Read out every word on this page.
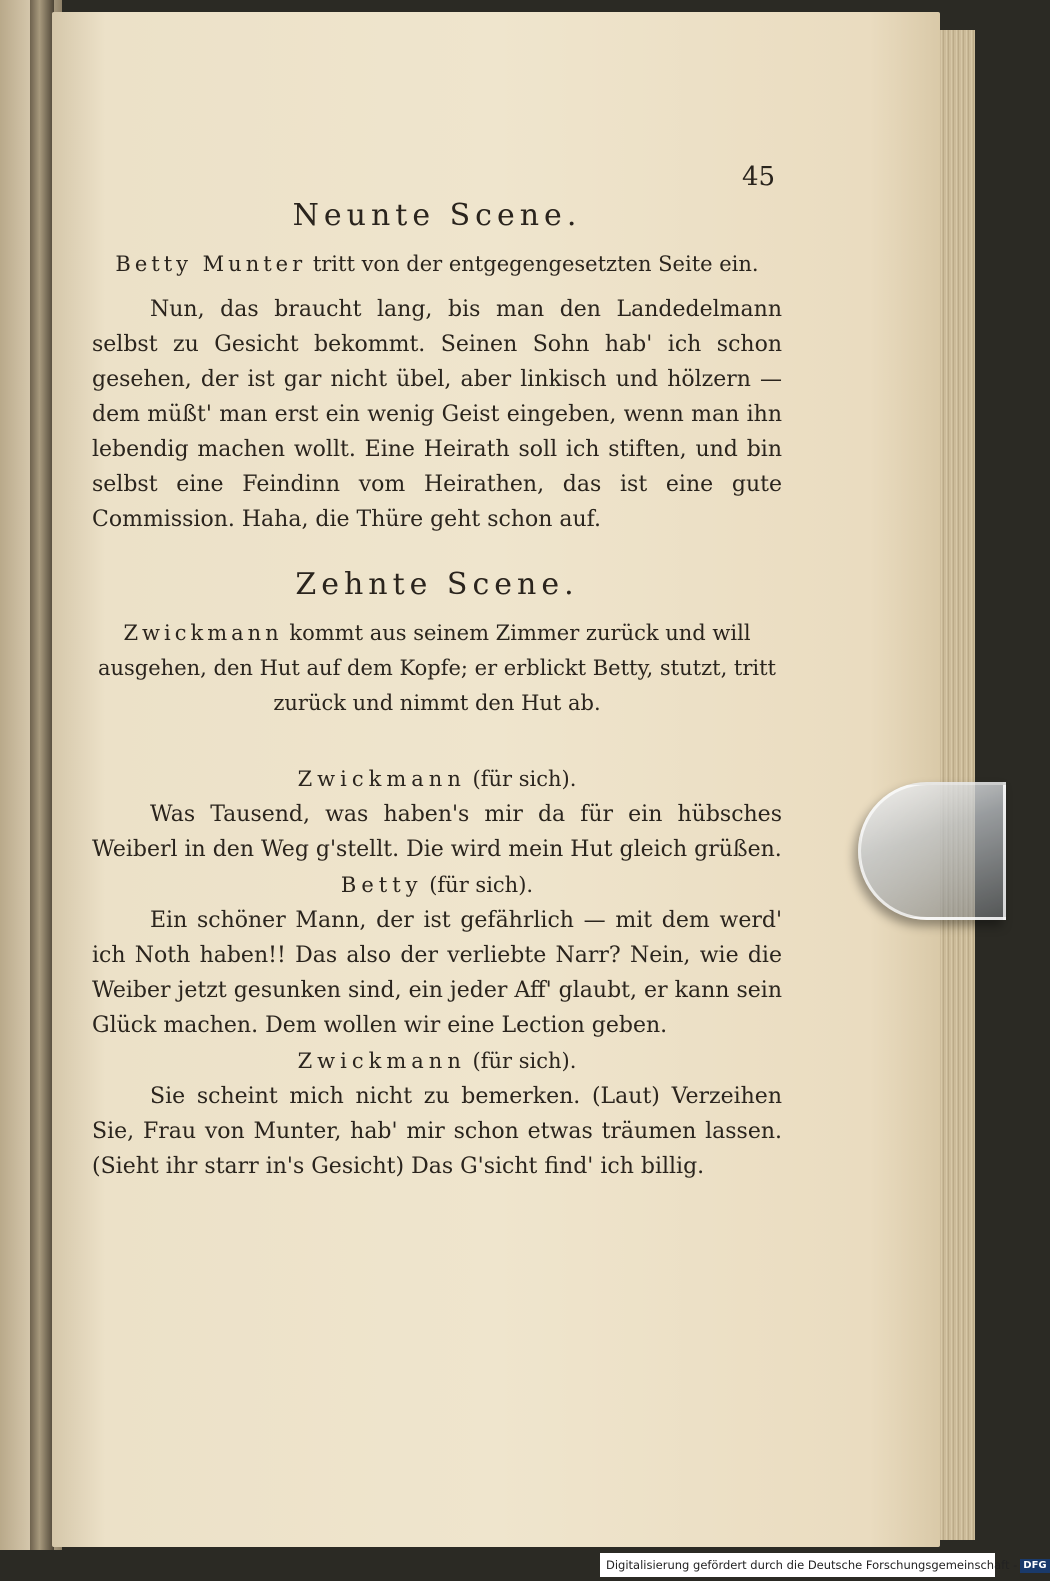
45
Neunte Scene.

Betty Munter tritt von der entgegengesetzten Seite ein.

Nun, das braucht lang, bis man den Landedelmann selbst zu Gesicht bekommt. Seinen Sohn hab' ich schon gesehen, der ist gar nicht übel, aber linkisch und hölzern — dem müßt' man erst ein wenig Geist eingeben, wenn man ihn lebendig machen wollt. Eine Heirath soll ich stiften, und bin selbst eine Feindinn vom Heirathen, das ist eine gute Commission. Haha, die Thüre geht schon auf.

Zehnte Scene.

Zwickmann kommt aus seinem Zimmer zurück und will ausgehen, den Hut auf dem Kopfe; er erblickt Betty, stutzt, tritt zurück und nimmt den Hut ab.

Zwickmann (für sich).

Was Tausend, was haben's mir da für ein hübsches Weiberl in den Weg g'stellt. Die wird mein Hut gleich grüßen.

Betty (für sich).

Ein schöner Mann, der ist gefährlich — mit dem werd' ich Noth haben!! Das also der verliebte Narr? Nein, wie die Weiber jetzt gesunken sind, ein jeder Aff' glaubt, er kann sein Glück machen. Dem wollen wir eine Lection geben.

Zwickmann (für sich).

Sie scheint mich nicht zu bemerken. (Laut) Verzeihen Sie, Frau von Munter, hab' mir schon etwas träumen lassen. (Sieht ihr starr in's Gesicht) Das G'sicht find' ich billig.

Digitalisierung gefördert durch die Deutsche Forschungsgemeinschaft - DFG
